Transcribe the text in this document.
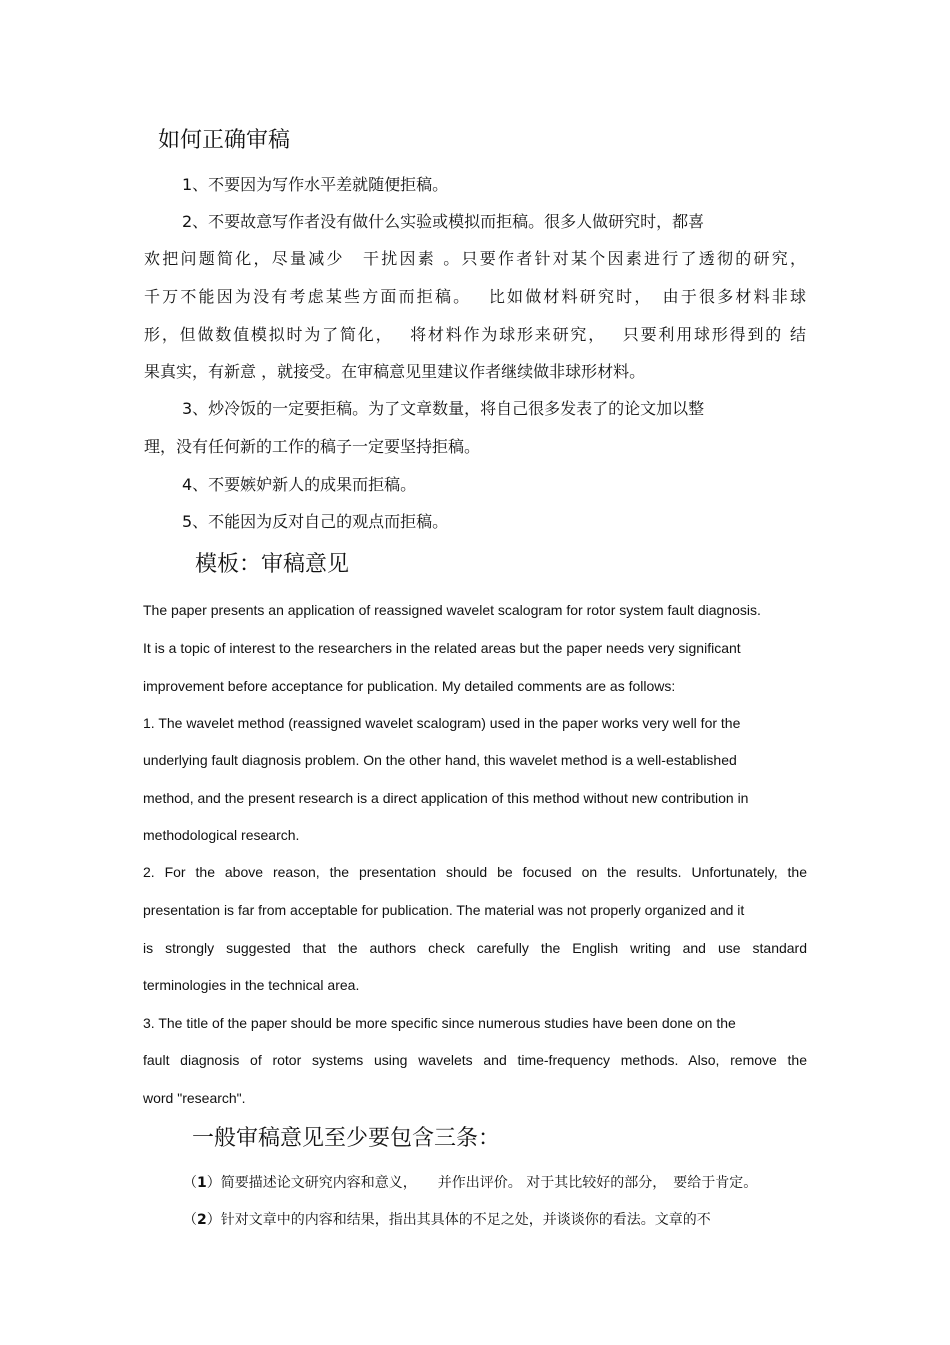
如何正确审稿
1、不要因为写作水平差就随便拒稿。
2、不要故意写作者没有做什么实验或模拟而拒稿。很多人做研究时，都喜
欢把问题简化，尽量减少　干扰因素 。只要作者针对某个因素进行了透彻的研究，
千万不能因为没有考虑某些方面而拒稿。　 比如做材料研究时，　由于很多材料非球
形，但做数值模拟时为了简化，　 将材料作为球形来研究，　 只要利用球形得到的 结
果真实，有新意 ，就接受。在审稿意见里建议作者继续做非球形材料。
3、炒冷饭的一定要拒稿。为了文章数量，将自己很多发表了的论文加以整
理，没有任何新的工作的稿子一定要坚持拒稿。
4、不要嫉妒新人的成果而拒稿。
5、不能因为反对自己的观点而拒稿。
模板：审稿意见
The paper presents an application of reassigned wavelet scalogram for rotor system fault diagnosis.
It is a topic of interest to the researchers in the related areas but the paper needs very significant
improvement before acceptance for publication. My detailed comments are as follows:
1. The wavelet method (reassigned wavelet scalogram) used in the paper works very well for the
underlying fault diagnosis problem. On the other hand, this wavelet method is a well-established
method, and the present research is a direct application of this method without new contribution in
methodological research.
2. For the above reason, the presentation should be focused on the results. Unfortunately, the
presentation is far from acceptable for publication. The material was not properly organized and it
is strongly suggested that the authors check carefully the English writing and use standard
terminologies in the technical area.
3. The title of the paper should be more specific since numerous studies have been done on the
fault diagnosis of rotor systems using wavelets and time-frequency methods. Also, remove the
word "research".
一般审稿意见至少要包含三条：
（1）简要描述论文研究内容和意义，　　并作出评价。 对于其比较好的部分，　要给于肯定。
（2）针对文章中的内容和结果，指出其具体的不足之处，并谈谈你的看法。文章的不
